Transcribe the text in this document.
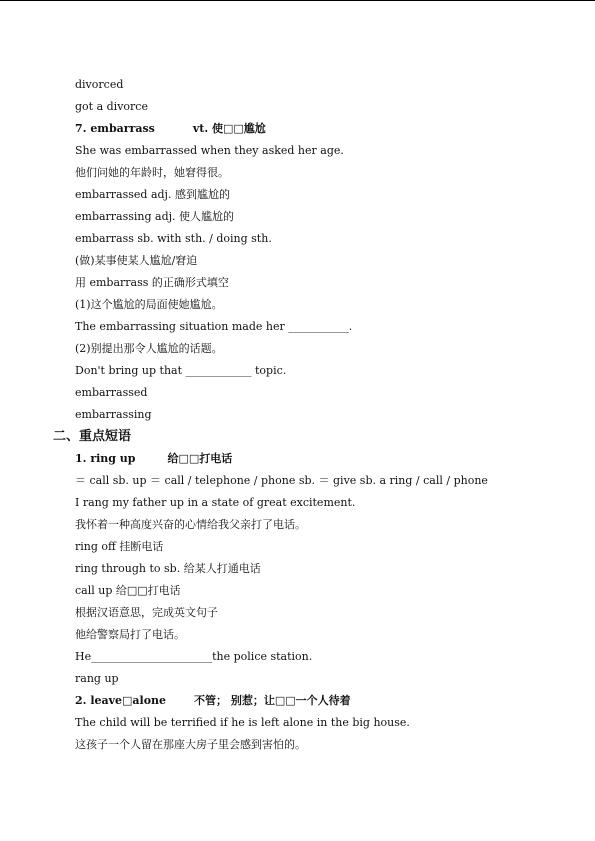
divorced
got a divorce
7. embarrass	vt. 使□□尴尬
She was embarrassed when they asked her age.
他们问她的年龄时，她窘得很。
embarrassed adj. 感到尴尬的
embarrassing adj. 使人尴尬的
embarrass sb. with sth. / doing sth.
(做)某事使某人尴尬/窘迫
用 embarrass 的正确形式填空
(1)这个尴尬的局面使她尴尬。
The embarrassing situation made her ___________.
(2)别提出那令人尴尬的话题。
Don't bring up that ____________ topic.
embarrassed
embarrassing
二、重点短语
1. ring up	给□□打电话
＝ call sb. up ＝ call / telephone / phone sb. ＝ give sb. a ring / call / phone
I rang my father up in a state of great excitement.
我怀着一种高度兴奋的心情给我父亲打了电话。
ring off 挂断电话
ring through to sb. 给某人打通电话
call up 给□□打电话
根据汉语意思，完成英文句子
他给警察局打了电话。
He______________________the police station.
rang up
2. leave□alone	不管； 别惹；让□□一个人待着
The child will be terrified if he is left alone in the big house.
这孩子一个人留在那座大房子里会感到害怕的。
